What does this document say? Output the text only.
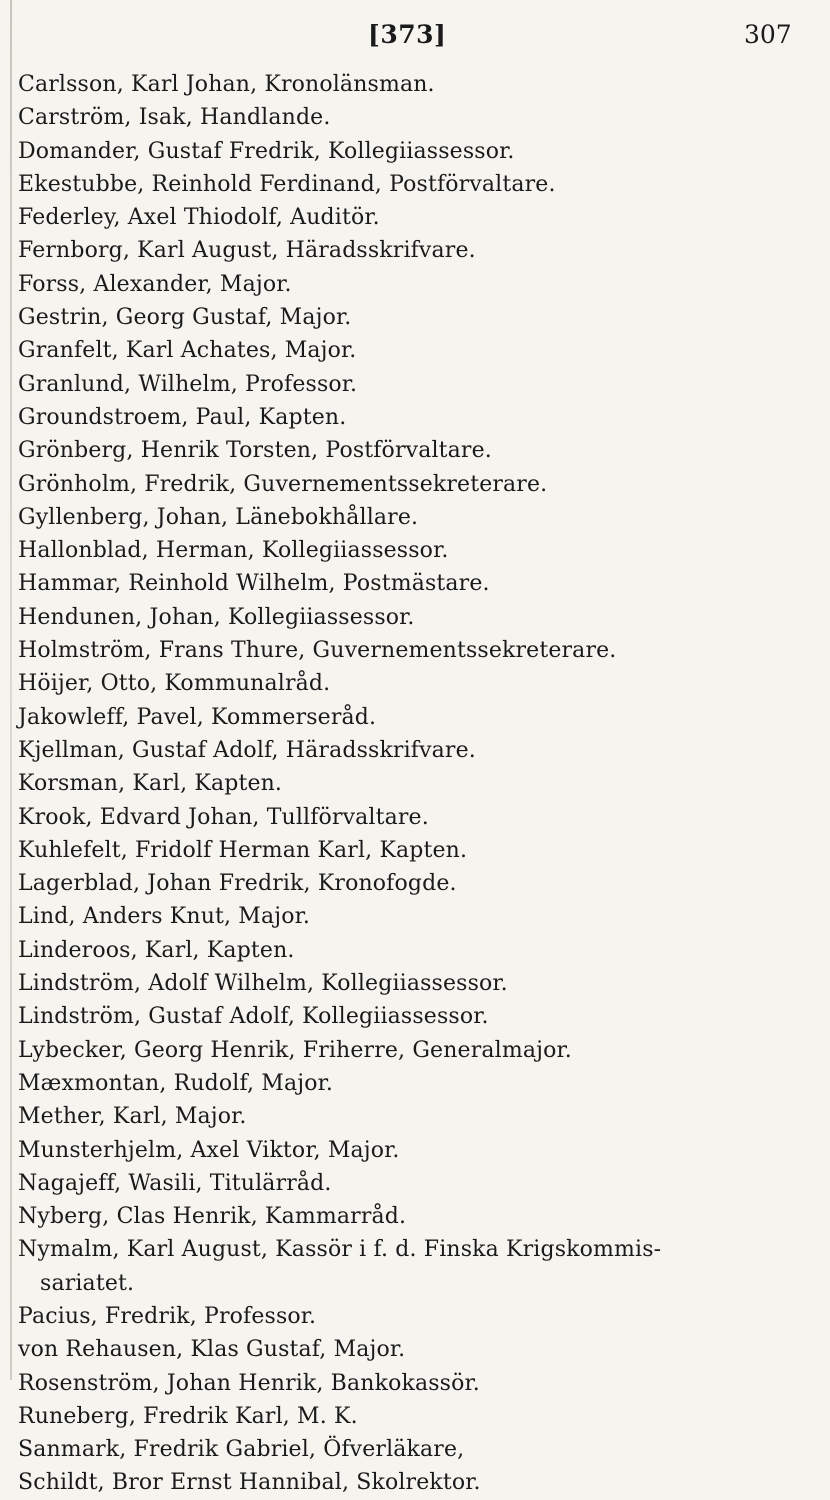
[373]	307
Carlsson, Karl Johan, Kronolänsman.
Carström, Isak, Handlande.
Domander, Gustaf Fredrik, Kollegiiassessor.
Ekestubbe, Reinhold Ferdinand, Postförvaltare.
Federley, Axel Thiodolf, Auditör.
Fernborg, Karl August, Häradsskrifvare.
Forss, Alexander, Major.
Gestrin, Georg Gustaf, Major.
Granfelt, Karl Achates, Major.
Granlund, Wilhelm, Professor.
Groundstroem, Paul, Kapten.
Grönberg, Henrik Torsten, Postförvaltare.
Grönholm, Fredrik, Guvernementssekreterare.
Gyllenberg, Johan, Länebokhållare.
Hallonblad, Herman, Kollegiiassessor.
Hammar, Reinhold Wilhelm, Postmästare.
Hendunen, Johan, Kollegiiassessor.
Holmström, Frans Thure, Guvernementssekreterare.
Höijer, Otto, Kommunalråd.
Jakowleff, Pavel, Kommerseråd.
Kjellman, Gustaf Adolf, Häradsskrifvare.
Korsman, Karl, Kapten.
Krook, Edvard Johan, Tullförvaltare.
Kuhlefelt, Fridolf Herman Karl, Kapten.
Lagerblad, Johan Fredrik, Kronofogde.
Lind, Anders Knut, Major.
Linderoos, Karl, Kapten.
Lindström, Adolf Wilhelm, Kollegiiassessor.
Lindström, Gustaf Adolf, Kollegiiassessor.
Lybecker, Georg Henrik, Friherre, Generalmajor.
Mæxmontan, Rudolf, Major.
Mether, Karl, Major.
Munsterhjelm, Axel Viktor, Major.
Nagajeff, Wasili, Titulärråd.
Nyberg, Clas Henrik, Kammarråd.
Nymalm, Karl August, Kassör i f. d. Finska Krigskommis-
sariatet.
Pacius, Fredrik, Professor.
von Rehausen, Klas Gustaf, Major.
Rosenström, Johan Henrik, Bankokassör.
Runeberg, Fredrik Karl, M. K.
Sanmark, Fredrik Gabriel, Öfverläkare,
Schildt, Bror Ernst Hannibal, Skolrektor.
